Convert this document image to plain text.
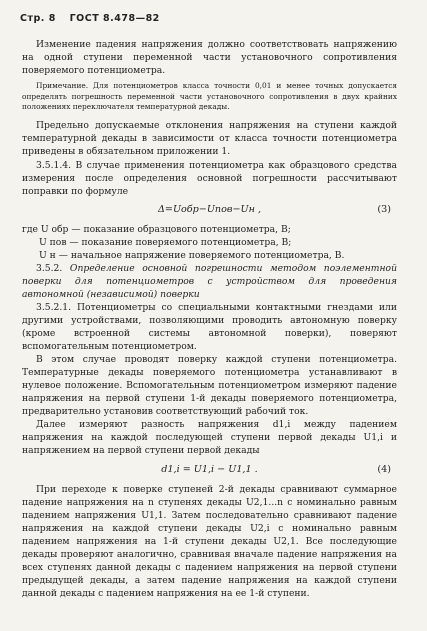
Стр. 8 ГОСТ 8.478—82

Изменение падения напряжения должно соответствовать напряжению на одной ступени переменной части установочного сопротивления поверяемого потенциометра.

Примечание. Для потенциометров класса точности 0,01 и менее точных допускается определять погрешность переменной части установочного сопротивления в двух крайних положениях переключателя температурной декады.

Предельно допускаемые отклонения напряжения на ступени каждой температурной декады в зависимости от класса точности потенциометра приведены в обязательном приложении 1.

3.5.1.4. В случае применения потенциометра как образцового средства измерения после определения основной погрешности рассчитывают поправки по формуле

Δ=Uобр−Uпов−Uн ,	(3)

где U обр — показание образцового потенциометра, В;

U пов — показание поверяемого потенциометра, В;

U н — начальное напряжение поверяемого потенциометра, В.

3.5.2. Определение основной погрешности методом поэлементной поверки для потенциометров с устройством для проведения автономной (независимой) поверки

3.5.2.1. Потенциометры со специальными контактными гнездами или другими устройствами, позволяющими проводить автономную поверку (кроме встроенной системы автономной поверки), поверяют вспомогательным потенциометром.

В этом случае проводят поверку каждой ступени потенциометра. Температурные декады поверяемого потенциометра устанавливают в нулевое положение. Вспомогательным потенциометром измеряют падение напряжения на первой ступени 1-й декады поверяемого потенциометра, предварительно установив соответствующий рабочий ток.

Далее измеряют разность напряжения d1,i между падением напряжения на каждой последующей ступени первой декады U1,i и напряжением на первой ступени первой декады

d1,i = U1,i − U1,1 .	(4)

При переходе к поверке ступеней 2-й декады сравнивают суммарное падение напряжения на n ступенях декады U2,1...n с номинально равным падением напряжения U1,1. Затем последовательно сравнивают падение напряжения на каждой ступени декады U2,i с номинально равным падением напряжения на 1-й ступени декады U2,1. Все последующие декады проверяют аналогично, сравнивая вначале падение напряжения на всех ступенях данной декады с падением напряжения на первой ступени предыдущей декады, а затем падение напряжения на каждой ступени данной декады с падением напряжения на ее 1-й ступени.
